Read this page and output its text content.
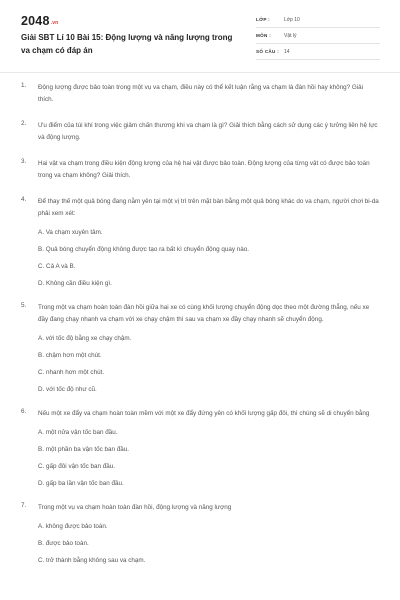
2048.vn
Giải SBT Lí 10 Bài 15: Động lượng và năng lượng trong va chạm có đáp án
LỚP :	Lớp 10
MÔN :	Vật lý
SỐ CÂU : 14
1. Động lượng được bảo toàn trong một vụ va chạm, điều này có thể kết luận rằng va chạm là đàn hồi hay không? Giải thích.
2. Ưu điểm của túi khí trong việc giảm chấn thương khi va chạm là gì? Giải thích bằng cách sử dụng các ý tưởng liên hệ lực và động lượng.
3. Hai vật va chạm trong điều kiện động lượng của hệ hai vật được bảo toàn. Động lượng của từng vật có được bảo toàn trong va chạm không? Giải thích.
4. Để thay thế một quả bóng đang nằm yên tại một vị trí trên mặt bàn bằng một quả bóng khác do va chạm, người chơi bi-da phải xem xét:
A. Va chạm xuyên tâm.
B. Quả bóng chuyển động không được tạo ra bất kì chuyển động quay nào.
C. Cả A và B.
D. Không cần điều kiện gì.
5. Trong một va chạm hoàn toàn đàn hồi giữa hai xe có cùng khối lượng chuyển động dọc theo một đường thẳng, nếu xe đầy đang chạy nhanh va chạm với xe chạy chậm thì sau va chạm xe đầy chạy nhanh sẽ chuyển động.
A. với tốc độ bằng xe chạy chậm.
B. chậm hơn một chút.
C. nhanh hơn một chút.
D. với tốc độ như cũ.
6. Nếu một xe đẩy va chạm hoàn toàn mềm với một xe đẩy đứng yên có khối lượng gấp đôi, thì chúng sẽ di chuyển bằng
A. một nửa vận tốc ban đầu.
B. một phần ba vận tốc ban đầu.
C. gấp đôi vận tốc ban đầu.
D. gấp ba lần vận tốc ban đầu.
7. Trong một vụ va chạm hoàn toàn đàn hồi, động lượng và năng lượng
A. không được bảo toàn.
B. được bảo toàn.
C. trở thành bằng không sau va chạm.
